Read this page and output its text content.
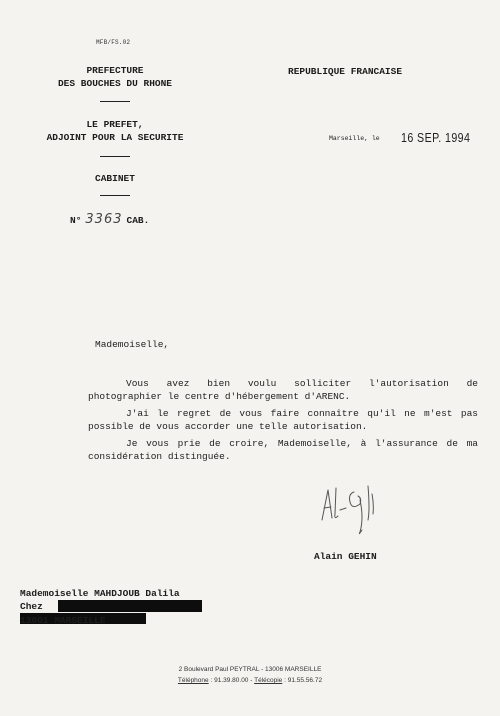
MFB/FS.02
PREFECTURE
DES BOUCHES DU RHONE
LE PREFET,
ADJOINT POUR LA SECURITE
CABINET
N° 3363 CAB.
REPUBLIQUE FRANCAISE
Marseille, le 16 SEP. 1994
Mademoiselle,
Vous avez bien voulu solliciter l'autorisation de photographier le centre d'hébergement d'ARENC.
J'ai le regret de vous faire connaître qu'il ne m'est pas possible de vous accorder une telle autorisation.
Je vous prie de croire, Mademoiselle, à l'assurance de ma considération distinguée.
Alain GEHIN
Mademoiselle MAHDJOUB Dalila
Chez
13001 MARSEILLE
2 Boulevard Paul PEYTRAL - 13006 MARSEILLE
Téléphone : 91.39.80.00 - Télécopie : 91.55.56.72
